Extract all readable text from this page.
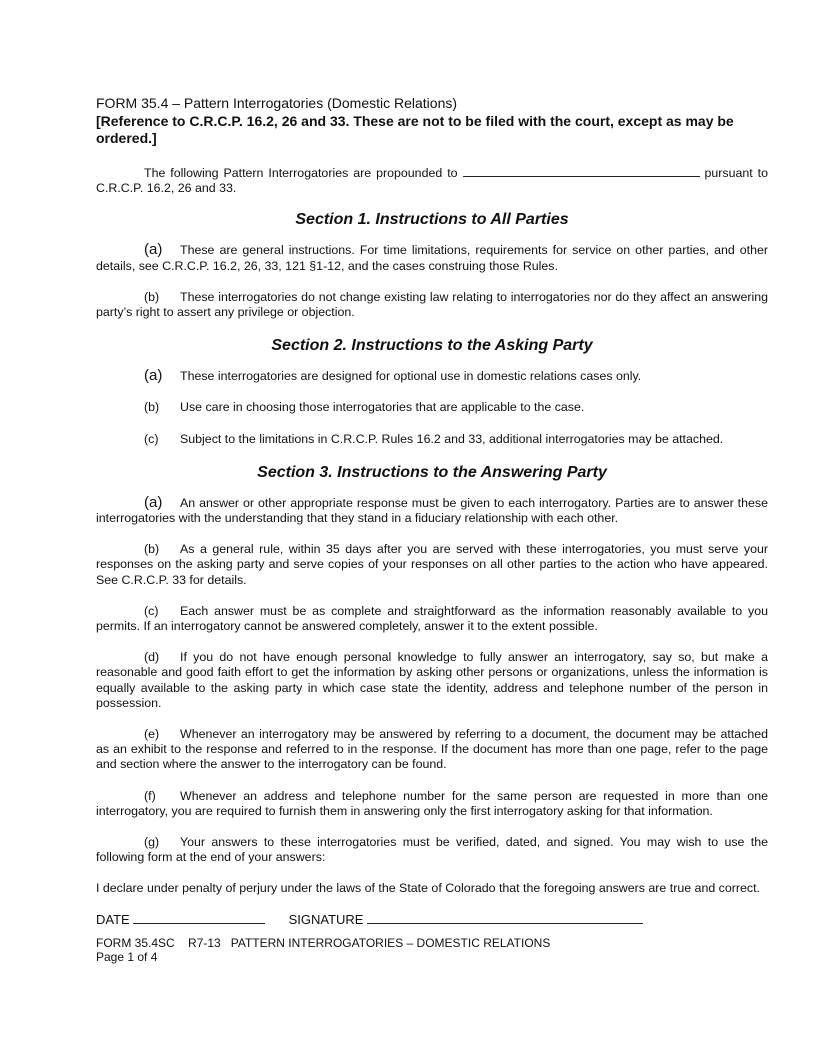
FORM 35.4 – Pattern Interrogatories (Domestic Relations)
[Reference to C.R.C.P. 16.2, 26 and 33. These are not to be filed with the court, except as may be ordered.]
The following Pattern Interrogatories are propounded to	pursuant to C.R.C.P. 16.2, 26 and 33.
Section 1. Instructions to All Parties
(a) These are general instructions. For time limitations, requirements for service on other parties, and other details, see C.R.C.P. 16.2, 26, 33, 121 §1-12, and the cases construing those Rules.
(b) These interrogatories do not change existing law relating to interrogatories nor do they affect an answering party’s right to assert any privilege or objection.
Section 2. Instructions to the Asking Party
(a) These interrogatories are designed for optional use in domestic relations cases only.
(b) Use care in choosing those interrogatories that are applicable to the case.
(c) Subject to the limitations in C.R.C.P. Rules 16.2 and 33, additional interrogatories may be attached.
Section 3. Instructions to the Answering Party
(a) An answer or other appropriate response must be given to each interrogatory. Parties are to answer these interrogatories with the understanding that they stand in a fiduciary relationship with each other.
(b) As a general rule, within 35 days after you are served with these interrogatories, you must serve your responses on the asking party and serve copies of your responses on all other parties to the action who have appeared. See C.R.C.P. 33 for details.
(c) Each answer must be as complete and straightforward as the information reasonably available to you permits. If an interrogatory cannot be answered completely, answer it to the extent possible.
(d) If you do not have enough personal knowledge to fully answer an interrogatory, say so, but make a reasonable and good faith effort to get the information by asking other persons or organizations, unless the information is equally available to the asking party in which case state the identity, address and telephone number of the person in possession.
(e) Whenever an interrogatory may be answered by referring to a document, the document may be attached as an exhibit to the response and referred to in the response. If the document has more than one page, refer to the page and section where the answer to the interrogatory can be found.
(f) Whenever an address and telephone number for the same person are requested in more than one interrogatory, you are required to furnish them in answering only the first interrogatory asking for that information.
(g) Your answers to these interrogatories must be verified, dated, and signed. You may wish to use the following form at the end of your answers:
I declare under penalty of perjury under the laws of the State of Colorado that the foregoing answers are true and correct.
DATE	SIGNATURE
FORM 35.4SC R7-13 PATTERN INTERROGATORIES – DOMESTIC RELATIONS
Page 1 of 4
